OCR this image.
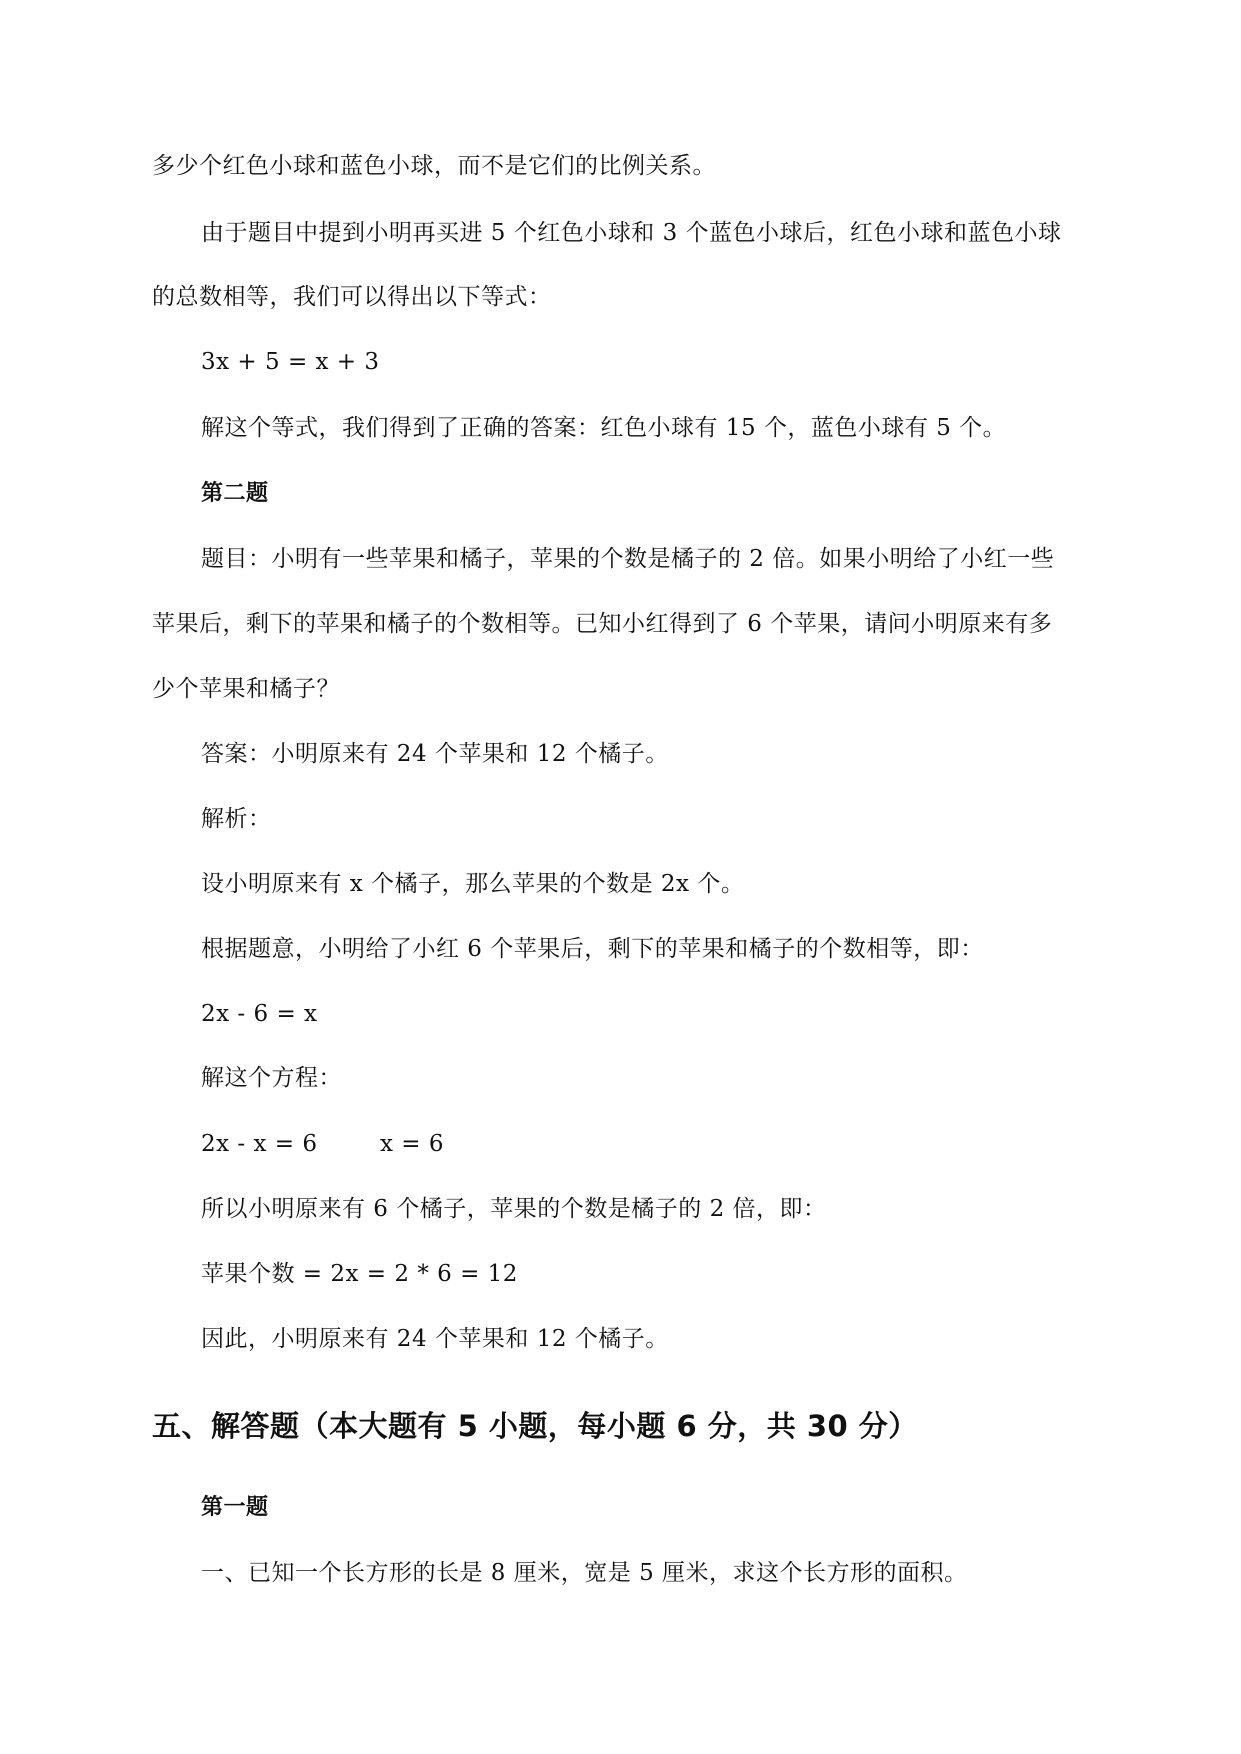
多少个红色小球和蓝色小球，而不是它们的比例关系。
由于题目中提到小明再买进 5 个红色小球和 3 个蓝色小球后，红色小球和蓝色小球
的总数相等，我们可以得出以下等式：
3x + 5 = x + 3
解这个等式，我们得到了正确的答案：红色小球有 15 个，蓝色小球有 5 个。
第二题
题目：小明有一些苹果和橘子，苹果的个数是橘子的 2 倍。如果小明给了小红一些
苹果后，剩下的苹果和橘子的个数相等。已知小红得到了 6 个苹果，请问小明原来有多
少个苹果和橘子？
答案：小明原来有 24 个苹果和 12 个橘子。
解析：
设小明原来有 x 个橘子，那么苹果的个数是 2x 个。
根据题意，小明给了小红 6 个苹果后，剩下的苹果和橘子的个数相等，即：
2x - 6 = x
解这个方程：
2x - x = 6        x = 6
所以小明原来有 6 个橘子，苹果的个数是橘子的 2 倍，即：
苹果个数 = 2x = 2 * 6 = 12
因此，小明原来有 24 个苹果和 12 个橘子。
五、解答题（本大题有 5 小题，每小题 6 分，共 30 分）
第一题
一、已知一个长方形的长是 8 厘米，宽是 5 厘米，求这个长方形的面积。
